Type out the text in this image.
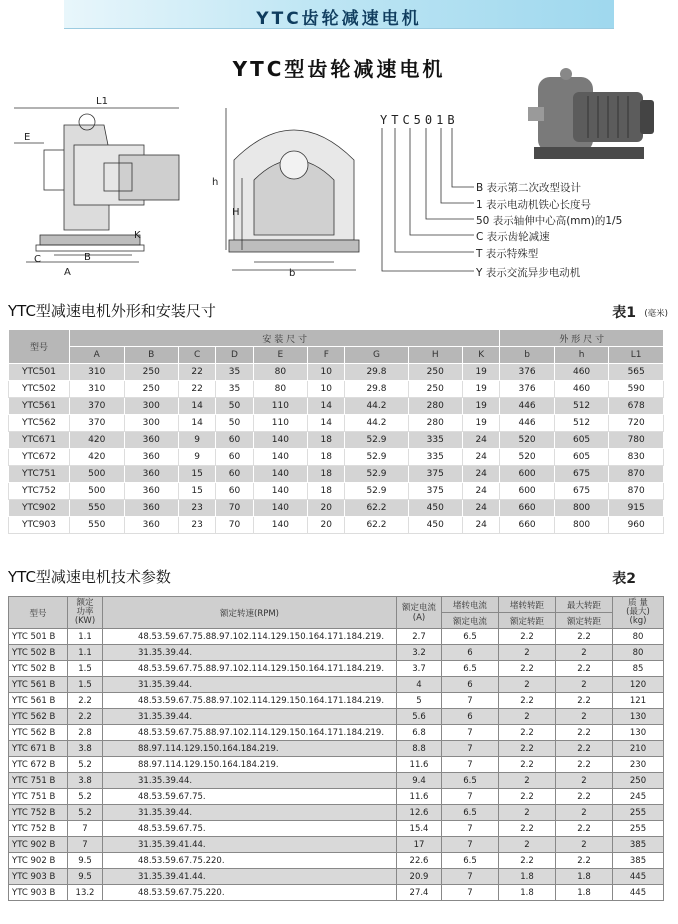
YTC齿轮减速电机
YTC型齿轮减速电机
L1
E
C	B
A
K
h
b
H
YTC501B
B 表示第二次改型设计
1 表示电动机铁心长度号
50 表示轴伸中心高(mm)的1/5
C 表示齿轮减速
T 表示特殊型
Y 表示交流异步电动机
YTC型减速电机外形和安装尺寸	表1 (毫米)
型号	安 装 尺 寸									外 形 尺 寸		
	A	B	C	D	E	F	G	H	K	b	h	L1
YTC501	310	250	22	35	80	10	29.8	250	19	376	460	565
YTC502	310	250	22	35	80	10	29.8	250	19	376	460	590
YTC561	370	300	14	50	110	14	44.2	280	19	446	512	678
YTC562	370	300	14	50	110	14	44.2	280	19	446	512	720
YTC671	420	360	9	60	140	18	52.9	335	24	520	605	780
YTC672	420	360	9	60	140	18	52.9	335	24	520	605	830
YTC751	500	360	15	60	140	18	52.9	375	24	600	675	870
YTC752	500	360	15	60	140	18	52.9	375	24	600	675	870
YTC902	550	360	23	70	140	20	62.2	450	24	660	800	915
YTC903	550	360	23	70	140	20	62.2	450	24	660	800	960
YTC型减速电机技术参数	表2
型号	额定
功率
(KW)	额定转速(RPM)	额定电流
(A)	堵转电流	堵转转距	最大转距	质 量
(最大)
(kg)
				额定电流	额定转距	额定转距	
YTC 501 B	1.1	48.53.59.67.75.88.97.102.114.129.150.164.171.184.219.	2.7	6.5	2.2	2.2	80
YTC 502 B	1.1	31.35.39.44.	3.2	6	2	2	80
YTC 502 B	1.5	48.53.59.67.75.88.97.102.114.129.150.164.171.184.219.	3.7	6.5	2.2	2.2	85
YTC 561 B	1.5	31.35.39.44.	4	6	2	2	120
YTC 561 B	2.2	48.53.59.67.75.88.97.102.114.129.150.164.171.184.219.	5	7	2.2	2.2	121
YTC 562 B	2.2	31.35.39.44.	5.6	6	2	2	130
YTC 562 B	2.8	48.53.59.67.75.88.97.102.114.129.150.164.171.184.219.	6.8	7	2.2	2.2	130
YTC 671 B	3.8	88.97.114.129.150.164.184.219.	8.8	7	2.2	2.2	210
YTC 672 B	5.2	88.97.114.129.150.164.184.219.	11.6	7	2.2	2.2	230
YTC 751 B	3.8	31.35.39.44.	9.4	6.5	2	2	250
YTC 751 B	5.2	48.53.59.67.75.	11.6	7	2.2	2.2	245
YTC 752 B	5.2	31.35.39.44.	12.6	6.5	2	2	255
YTC 752 B	7	48.53.59.67.75.	15.4	7	2.2	2.2	255
YTC 902 B	7	31.35.39.41.44.	17	7	2	2	385
YTC 902 B	9.5	48.53.59.67.75.220.	22.6	6.5	2.2	2.2	385
YTC 903 B	9.5	31.35.39.41.44.	20.9	7	1.8	1.8	445
YTC 903 B	13.2	48.53.59.67.75.220.	27.4	7	1.8	1.8	445
